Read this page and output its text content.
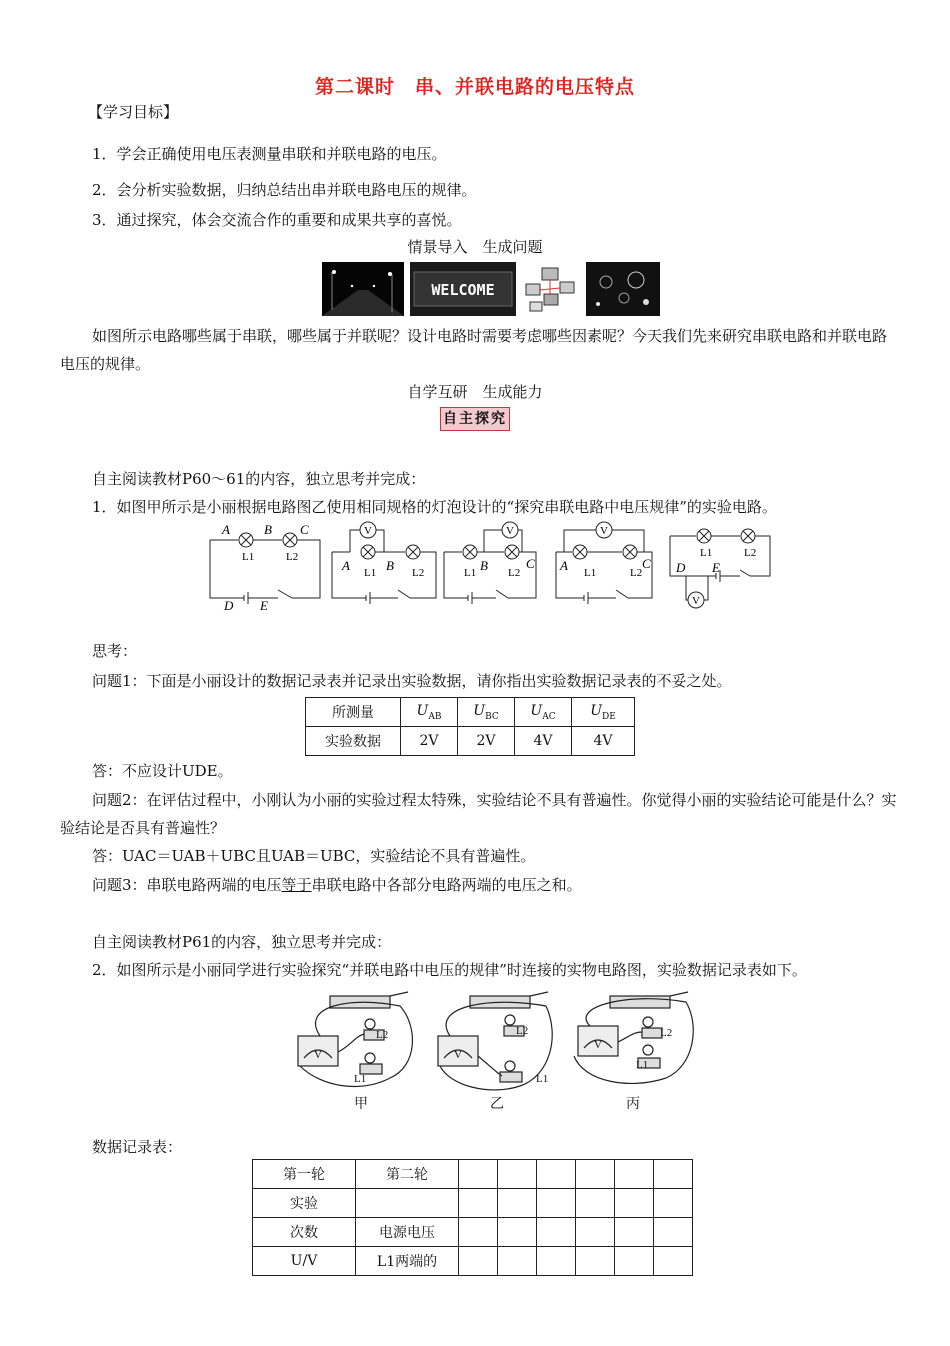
第二课时　串、并联电路的电压特点
【学习目标】
1．学会正确使用电压表测量串联和并联电路的电压。
2．会分析实验数据，归纳总结出串并联电路电压的规律。
3．通过探究，体会交流合作的重要和成果共享的喜悦。
情景导入　生成问题
WELCOME
如图所示电路哪些属于串联，哪些属于并联呢？设计电路时需要考虑哪些因素呢？今天我们先来研究串联电路和并联电路电压的规律。
自学互研　生成能力
自主探究
自主阅读教材P60～61的内容，独立思考并完成：
1．如图甲所示是小丽根据电路图乙使用相同规格的灯泡设计的“探究串联电路中电压规律”的实验电路。
A	B C
L1	L2
D E
V
A	B
L1	L2
V
B	C
L1	L2
V
A	C
L1	L2
L1	L2
D E
V
思考：
问题1：下面是小丽设计的数据记录表并记录出实验数据，请你指出实验数据记录表的不妥之处。
所测量	$U_{AB}$	$U_{BC}$	$U_{AC}$	$U_{DE}$
实验数据	2V	2V	4V	4V
答：不应设计UDE。
问题2：在评估过程中，小刚认为小丽的实验过程太特殊，实验结论不具有普遍性。你觉得小丽的实验结论可能是什么？实验结论是否具有普遍性？
答：UAC＝UAB＋UBC且UAB＝UBC，实验结论不具有普遍性。
问题3：串联电路两端的电压等于串联电路中各部分电路两端的电压之和。
自主阅读教材P61的内容，独立思考并完成：
2．如图所示是小丽同学进行实验探究“并联电路中电压的规律”时连接的实物电路图，实验数据记录表如下。
V
L2
L1
V
L2
L1
V
L2
L1
甲	乙	丙
数据记录表：
第一轮	第二轮						
实验							
次数	电源电压						
U/V	L1两端的						
